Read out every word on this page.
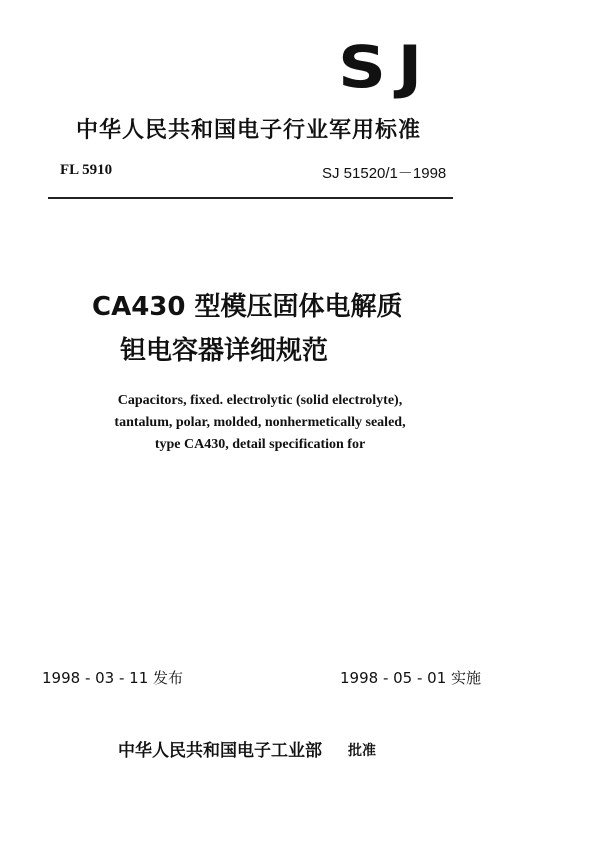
SJ
中华人民共和国电子行业军用标准
FL 5910	SJ 51520/1－1998
CA430 型模压固体电解质
钽电容器详细规范
Capacitors, fixed. electrolytic (solid electrolyte),
tantalum, polar, molded, nonhermetically sealed,
type CA430, detail specification for
1998 - 03 - 11 发布	1998 - 05 - 01 实施
中华人民共和国电子工业部 批准
